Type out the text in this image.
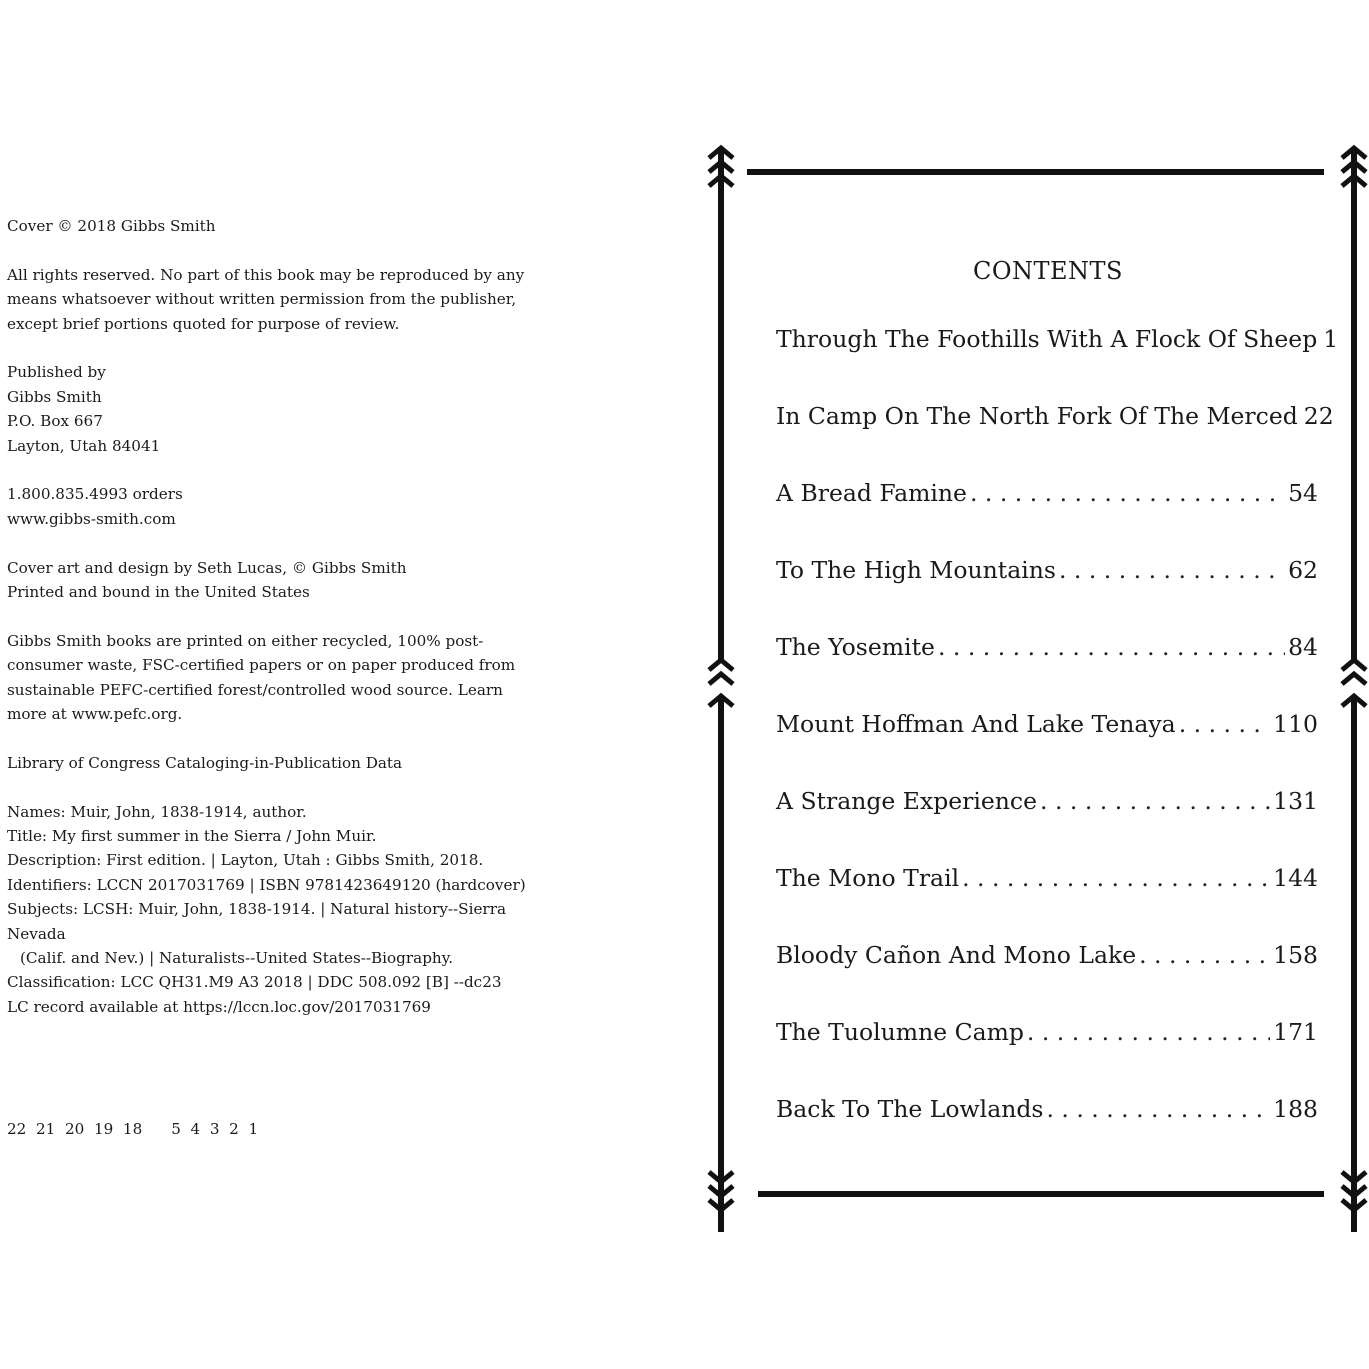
Cover © 2018 Gibbs Smith
All rights reserved. No part of this book may be reproduced by any
means whatsoever without written permission from the publisher,
except brief portions quoted for purpose of review.
Published by
Gibbs Smith
P.O. Box 667
Layton, Utah 84041
1.800.835.4993 orders
www.gibbs-smith.com
Cover art and design by Seth Lucas, © Gibbs Smith
Printed and bound in the United States
Gibbs Smith books are printed on either recycled, 100% post-
consumer waste, FSC-certified papers or on paper produced from
sustainable PEFC-certified forest/controlled wood source. Learn
more at www.pefc.org.
Library of Congress Cataloging-in-Publication Data
Names: Muir, John, 1838-1914, author.
Title: My first summer in the Sierra / John Muir.
Description: First edition. | Layton, Utah : Gibbs Smith, 2018.
Identifiers: LCCN 2017031769 | ISBN 9781423649120 (hardcover)
Subjects: LCSH: Muir, John, 1838-1914. | Natural history--Sierra
Nevada
(Calif. and Nev.) | Naturalists--United States--Biography.
Classification: LCC QH31.M9 A3 2018 | DDC 508.092 [B] --dc23
LC record available at https://lccn.loc.gov/2017031769
22  21  20  19  18      5  4  3  2  1
CONTENTS
Through The Foothills With A Flock Of Sheep 1
In Camp On The North Fork Of The Merced 22
A Bread Famine . . .	54
To The High Mountains . . .	62
The Yosemite . . .	84
Mount Hoffman And Lake Tenaya . . .	110
A Strange Experience . . .	131
The Mono Trail . . .	144
Bloody Cañon And Mono Lake . . .	158
The Tuolumne Camp . . .	171
Back To The Lowlands . . .	188
